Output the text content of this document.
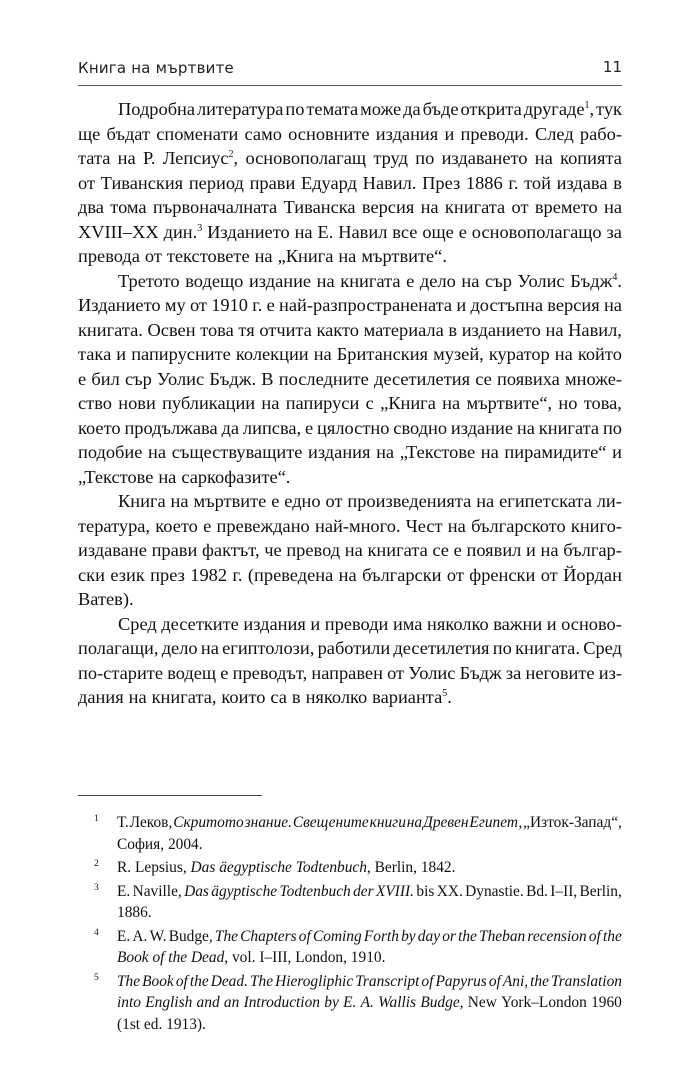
Книга на мъртвите	11
Подробна литература по темата може да бъде открита другаде$^1$, тук
ще бъдат споменати само основните издания и преводи. След рабо-
тата на Р. Лепсиус$^2$, основополагащ труд по издаването на копията
от Тиванския период прави Едуард Навил. През 1886 г. той издава в
два тома първоначалната Тиванска версия на книгата от времето на
XVIII–XX дин.$^3$ Изданието на Е. Навил все още е основополагащо за
превода от текстовете на „Книга на мъртвите“.
Третото водещо издание на книгата е дело на сър Уолис Бъдж$^4$.
Изданието му от 1910 г. е най-разпространената и достъпна версия на
книгата. Освен това тя отчита както материала в изданието на Навил,
така и папирусните колекции на Британския музей, куратор на който
е бил сър Уолис Бъдж. В последните десетилетия се появиха множе-
ство нови публикации на папируси с „Книга на мъртвите“, но това,
което продължава да липсва, е цялостно сводно издание на книгата по
подобие на съществуващите издания на „Текстове на пирамидите“ и
„Текстове на саркофазите“.
Книга на мъртвите е едно от произведенията на египетската ли-
тература, което е превеждано най-много. Чест на българското книго-
издаване прави фактът, че превод на книгата се е появил и на българ-
ски език през 1982 г. (преведена на български от френски от Йордан
Ватев).
Сред десетките издания и преводи има няколко важни и осново-
полагащи, дело на египтолози, работили десетилетия по книгата. Сред
по-старите водещ е преводът, направен от Уолис Бъдж за неговите из-
дания на книгата, които са в няколко варианта$^5$.
1 Т. Леков, Скритото знание. Свещените книги на Древен Египет, „Изток-Запад“,
София, 2004.
2 R. Lepsius, Das äegyptische Todtenbuch , Berlin, 1842.
3 E. Naville, Das ägyptische Todtenbuch der XVIII. bis XX. Dynastie. Bd. I–II, Berlin,
1886.
4 E. A. W. Budge, The Chapters of Coming Forth by day or the Theban recension of the
Book of the Dead , vol. I–III, London, 1910.
5 The Book of the Dead. The Hierogliphic Transcript of Papyrus of Ani, the Translation
into English and an Introduction by E. A. Wallis Budge, New York–London 1960
(1st ed. 1913).
